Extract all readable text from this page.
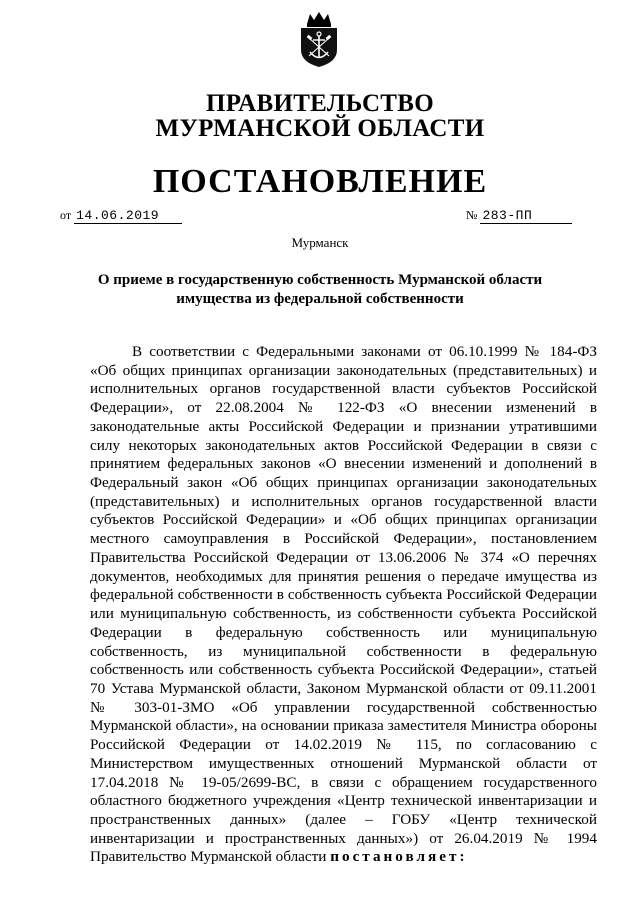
ПРАВИТЕЛЬСТВО
МУРМАНСКОЙ ОБЛАСТИ
ПОСТАНОВЛЕНИЕ
от 14.06.2019	№ 283-ПП
Мурманск
О приеме в государственную собственность Мурманской области
имущества из федеральной собственности

В соответствии с Федеральными законами от 06.10.1999 № 184-ФЗ «Об общих принципах организации законодательных (представительных) и исполнительных органов государственной власти субъектов Российской Федерации», от 22.08.2004 № 122-ФЗ «О внесении изменений в законодательные акты Российской Федерации и признании утратившими силу некоторых законодательных актов Российской Федерации в связи с принятием федеральных законов «О внесении изменений и дополнений в Федеральный закон «Об общих принципах организации законодательных (представительных) и исполнительных органов государственной власти субъектов Российской Федерации» и «Об общих принципах организации местного самоуправления в Российской Федерации», постановлением Правительства Российской Федерации от 13.06.2006 № 374 «О перечнях документов, необходимых для принятия решения о передаче имущества из федеральной собственности в собственность субъекта Российской Федерации или муниципальную собственность, из собственности субъекта Российской Федерации в федеральную собственность или муниципальную собственность, из муниципальной собственности в федеральную собственность или собственность субъекта Российской Федерации», статьей 70 Устава Мурманской области, Законом Мурманской области от 09.11.2001 № 303-01-ЗМО «Об управлении государственной собственностью Мурманской области», на основании приказа заместителя Министра обороны Российской Федерации от 14.02.2019 № 115, по согласованию с Министерством имущественных отношений Мурманской области от 17.04.2018 № 19-05/2699-ВС, в связи с обращением государственного областного бюджетного учреждения «Центр технической инвентаризации и пространственных данных» (далее – ГОБУ «Центр технической инвентаризации и пространственных данных») от 26.04.2019 № 1994 Правительство Мурманской области постановляет:
